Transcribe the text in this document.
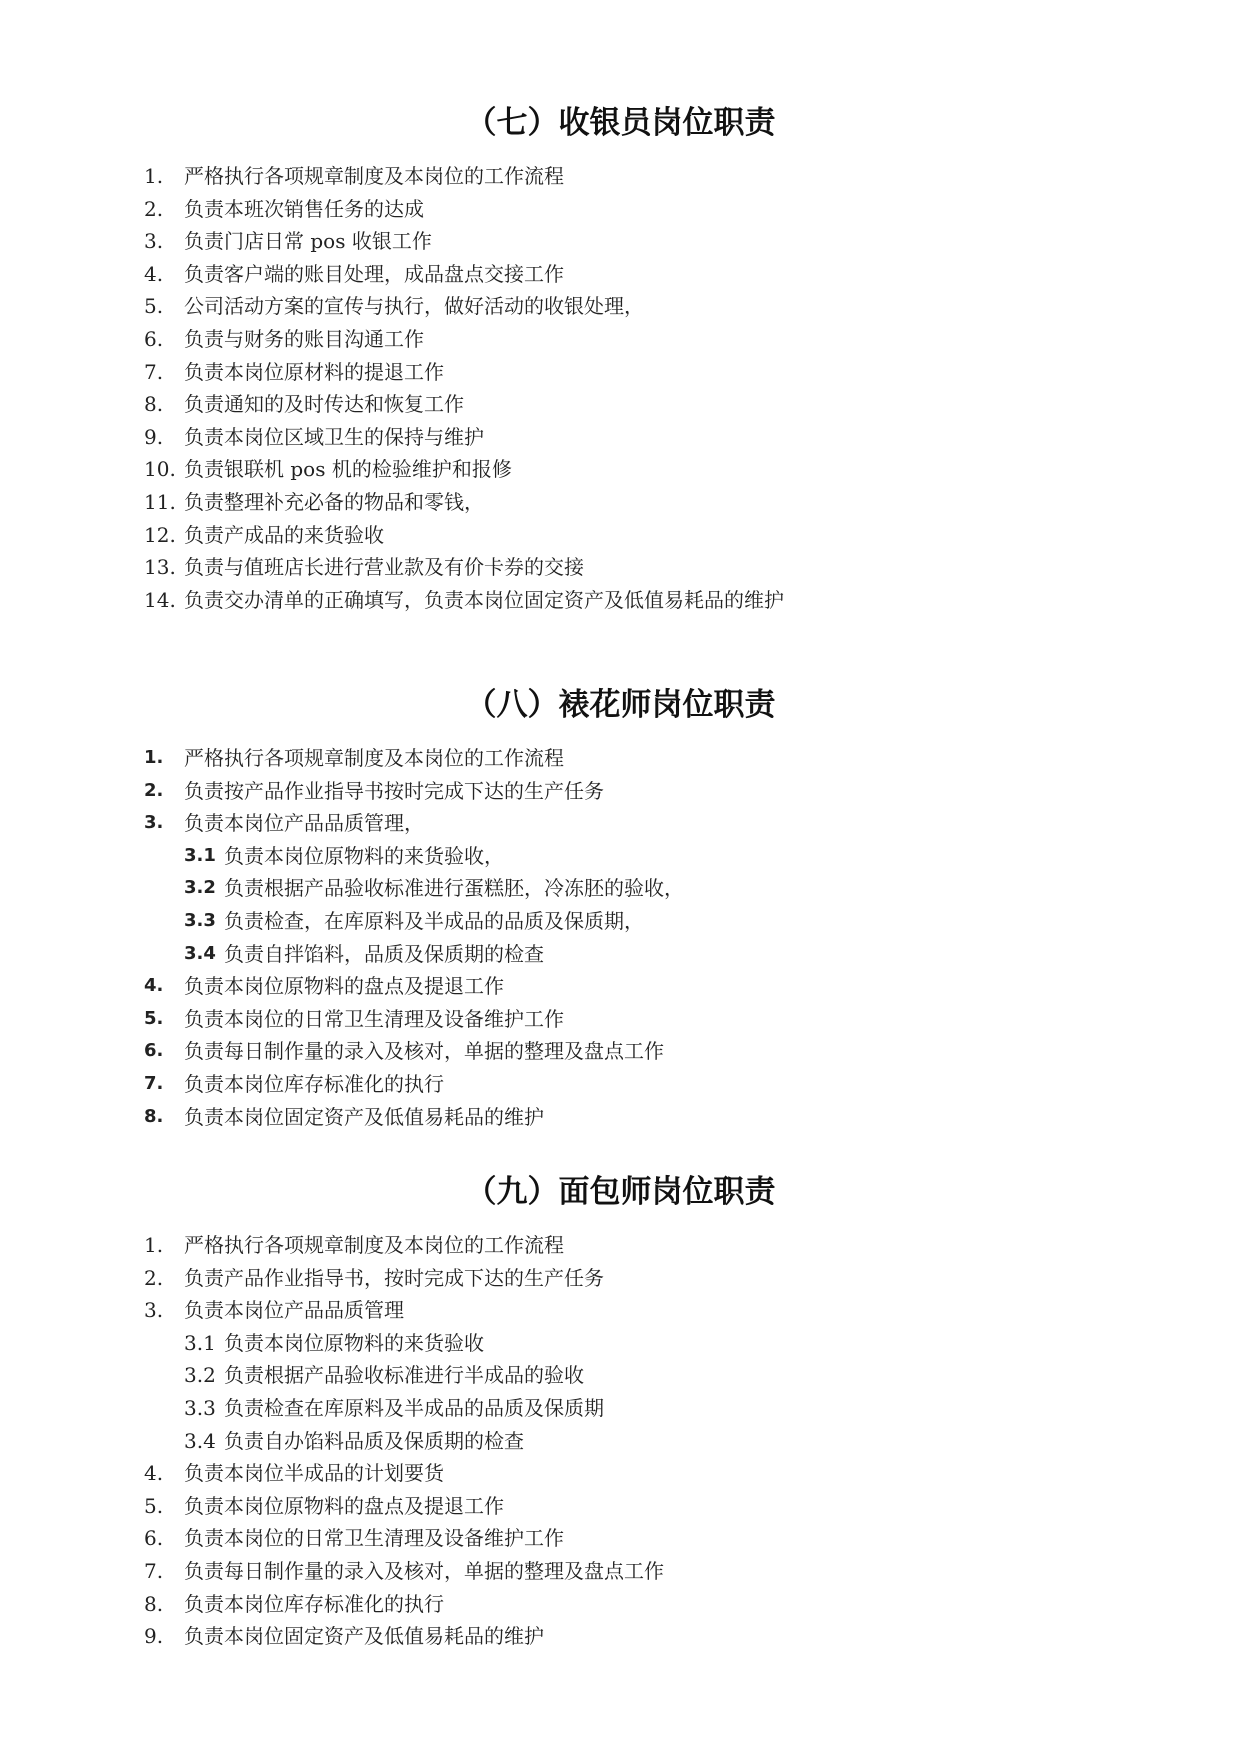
（七）收银员岗位职责
1. 严格执行各项规章制度及本岗位的工作流程
2. 负责本班次销售任务的达成
3. 负责门店日常 pos 收银工作
4. 负责客户端的账目处理，成品盘点交接工作
5. 公司活动方案的宣传与执行，做好活动的收银处理，
6. 负责与财务的账目沟通工作
7. 负责本岗位原材料的提退工作
8. 负责通知的及时传达和恢复工作
9. 负责本岗位区域卫生的保持与维护
10. 负责银联机 pos 机的检验维护和报修
11. 负责整理补充必备的物品和零钱，
12. 负责产成品的来货验收
13. 负责与值班店长进行营业款及有价卡券的交接
14. 负责交办清单的正确填写，负责本岗位固定资产及低值易耗品的维护
（八）裱花师岗位职责
1. 严格执行各项规章制度及本岗位的工作流程
2. 负责按产品作业指导书按时完成下达的生产任务
3. 负责本岗位产品品质管理，
3.1 负责本岗位原物料的来货验收，
3.2 负责根据产品验收标准进行蛋糕胚，冷冻胚的验收，
3.3 负责检查，在库原料及半成品的品质及保质期，
3.4 负责自拌馅料，品质及保质期的检查
4. 负责本岗位原物料的盘点及提退工作
5. 负责本岗位的日常卫生清理及设备维护工作
6. 负责每日制作量的录入及核对，单据的整理及盘点工作
7. 负责本岗位库存标准化的执行
8. 负责本岗位固定资产及低值易耗品的维护
（九）面包师岗位职责
1. 严格执行各项规章制度及本岗位的工作流程
2. 负责产品作业指导书，按时完成下达的生产任务
3. 负责本岗位产品品质管理
3.1 负责本岗位原物料的来货验收
3.2 负责根据产品验收标准进行半成品的验收
3.3 负责检查在库原料及半成品的品质及保质期
3.4 负责自办馅料品质及保质期的检查
4. 负责本岗位半成品的计划要货
5. 负责本岗位原物料的盘点及提退工作
6. 负责本岗位的日常卫生清理及设备维护工作
7. 负责每日制作量的录入及核对，单据的整理及盘点工作
8. 负责本岗位库存标准化的执行
9. 负责本岗位固定资产及低值易耗品的维护
